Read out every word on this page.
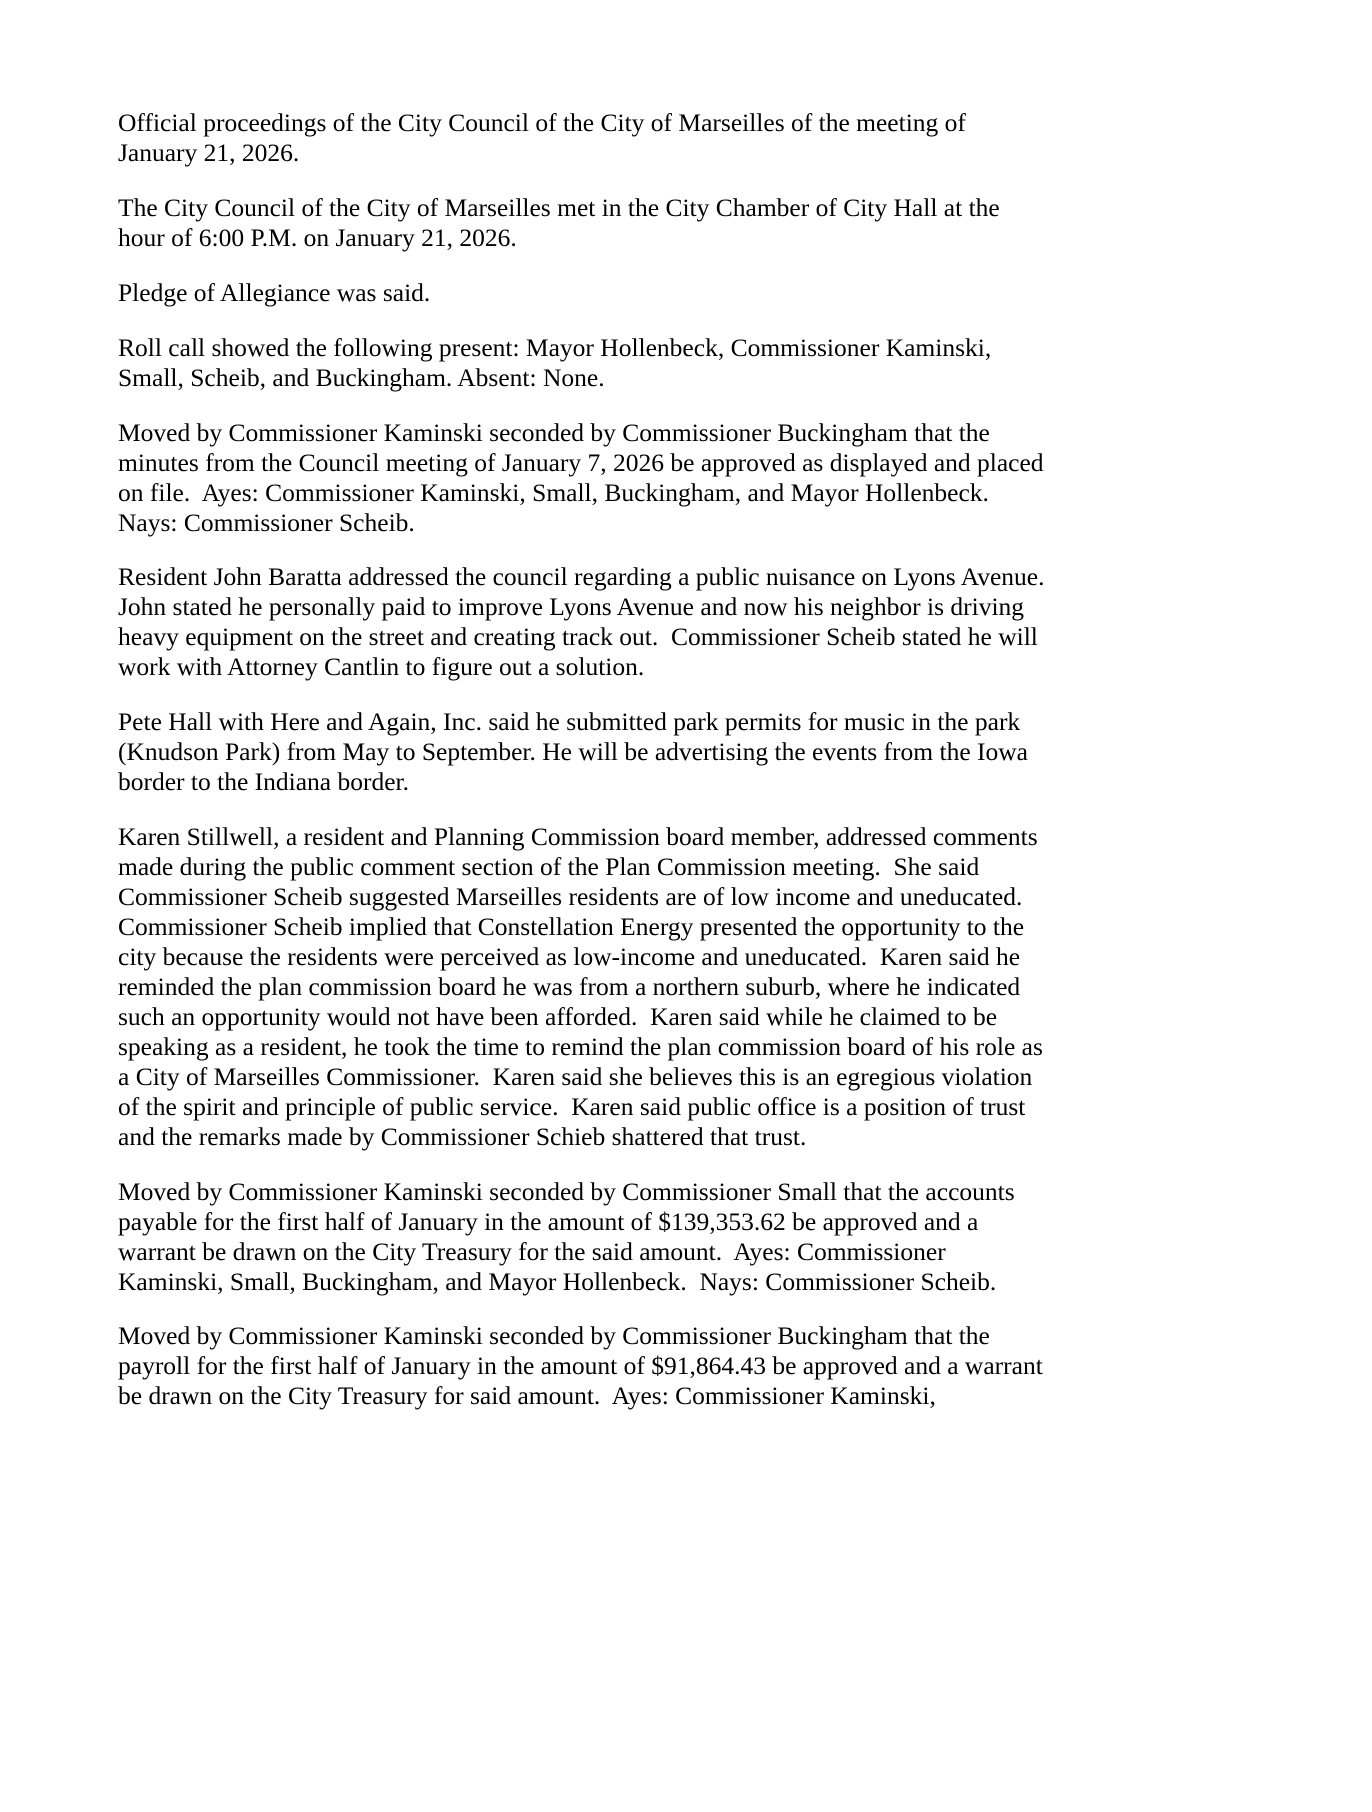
Official proceedings of the City Council of the City of Marseilles of the meeting of January 21, 2026.

The City Council of the City of Marseilles met in the City Chamber of City Hall at the hour of 6:00 P.M. on January 21, 2026.

Pledge of Allegiance was said.

Roll call showed the following present: Mayor Hollenbeck, Commissioner Kaminski, Small, Scheib, and Buckingham. Absent: None.

Moved by Commissioner Kaminski seconded by Commissioner Buckingham that the minutes from the Council meeting of January 7, 2026 be approved as displayed and placed on file.  Ayes: Commissioner Kaminski, Small, Buckingham, and Mayor Hollenbeck.  Nays: Commissioner Scheib.

Resident John Baratta addressed the council regarding a public nuisance on Lyons Avenue.  John stated he personally paid to improve Lyons Avenue and now his neighbor is driving heavy equipment on the street and creating track out.  Commissioner Scheib stated he will work with Attorney Cantlin to figure out a solution.

Pete Hall with Here and Again, Inc. said he submitted park permits for music in the park (Knudson Park) from May to September. He will be advertising the events from the Iowa border to the Indiana border.

Karen Stillwell, a resident and Planning Commission board member, addressed comments made during the public comment section of the Plan Commission meeting.  She said Commissioner Scheib suggested Marseilles residents are of low income and uneducated.  Commissioner Scheib implied that Constellation Energy presented the opportunity to the city because the residents were perceived as low-income and uneducated.  Karen said he reminded the plan commission board he was from a northern suburb, where he indicated such an opportunity would not have been afforded.  Karen said while he claimed to be speaking as a resident, he took the time to remind the plan commission board of his role as a City of Marseilles Commissioner.  Karen said she believes this is an egregious violation of the spirit and principle of public service.  Karen said public office is a position of trust and the remarks made by Commissioner Schieb shattered that trust.

Moved by Commissioner Kaminski seconded by Commissioner Small that the accounts payable for the first half of January in the amount of $139,353.62 be approved and a warrant be drawn on the City Treasury for the said amount.  Ayes: Commissioner Kaminski, Small, Buckingham, and Mayor Hollenbeck.  Nays: Commissioner Scheib.

Moved by Commissioner Kaminski seconded by Commissioner Buckingham that the payroll for the first half of January in the amount of $91,864.43 be approved and a warrant be drawn on the City Treasury for said amount.  Ayes: Commissioner Kaminski,
